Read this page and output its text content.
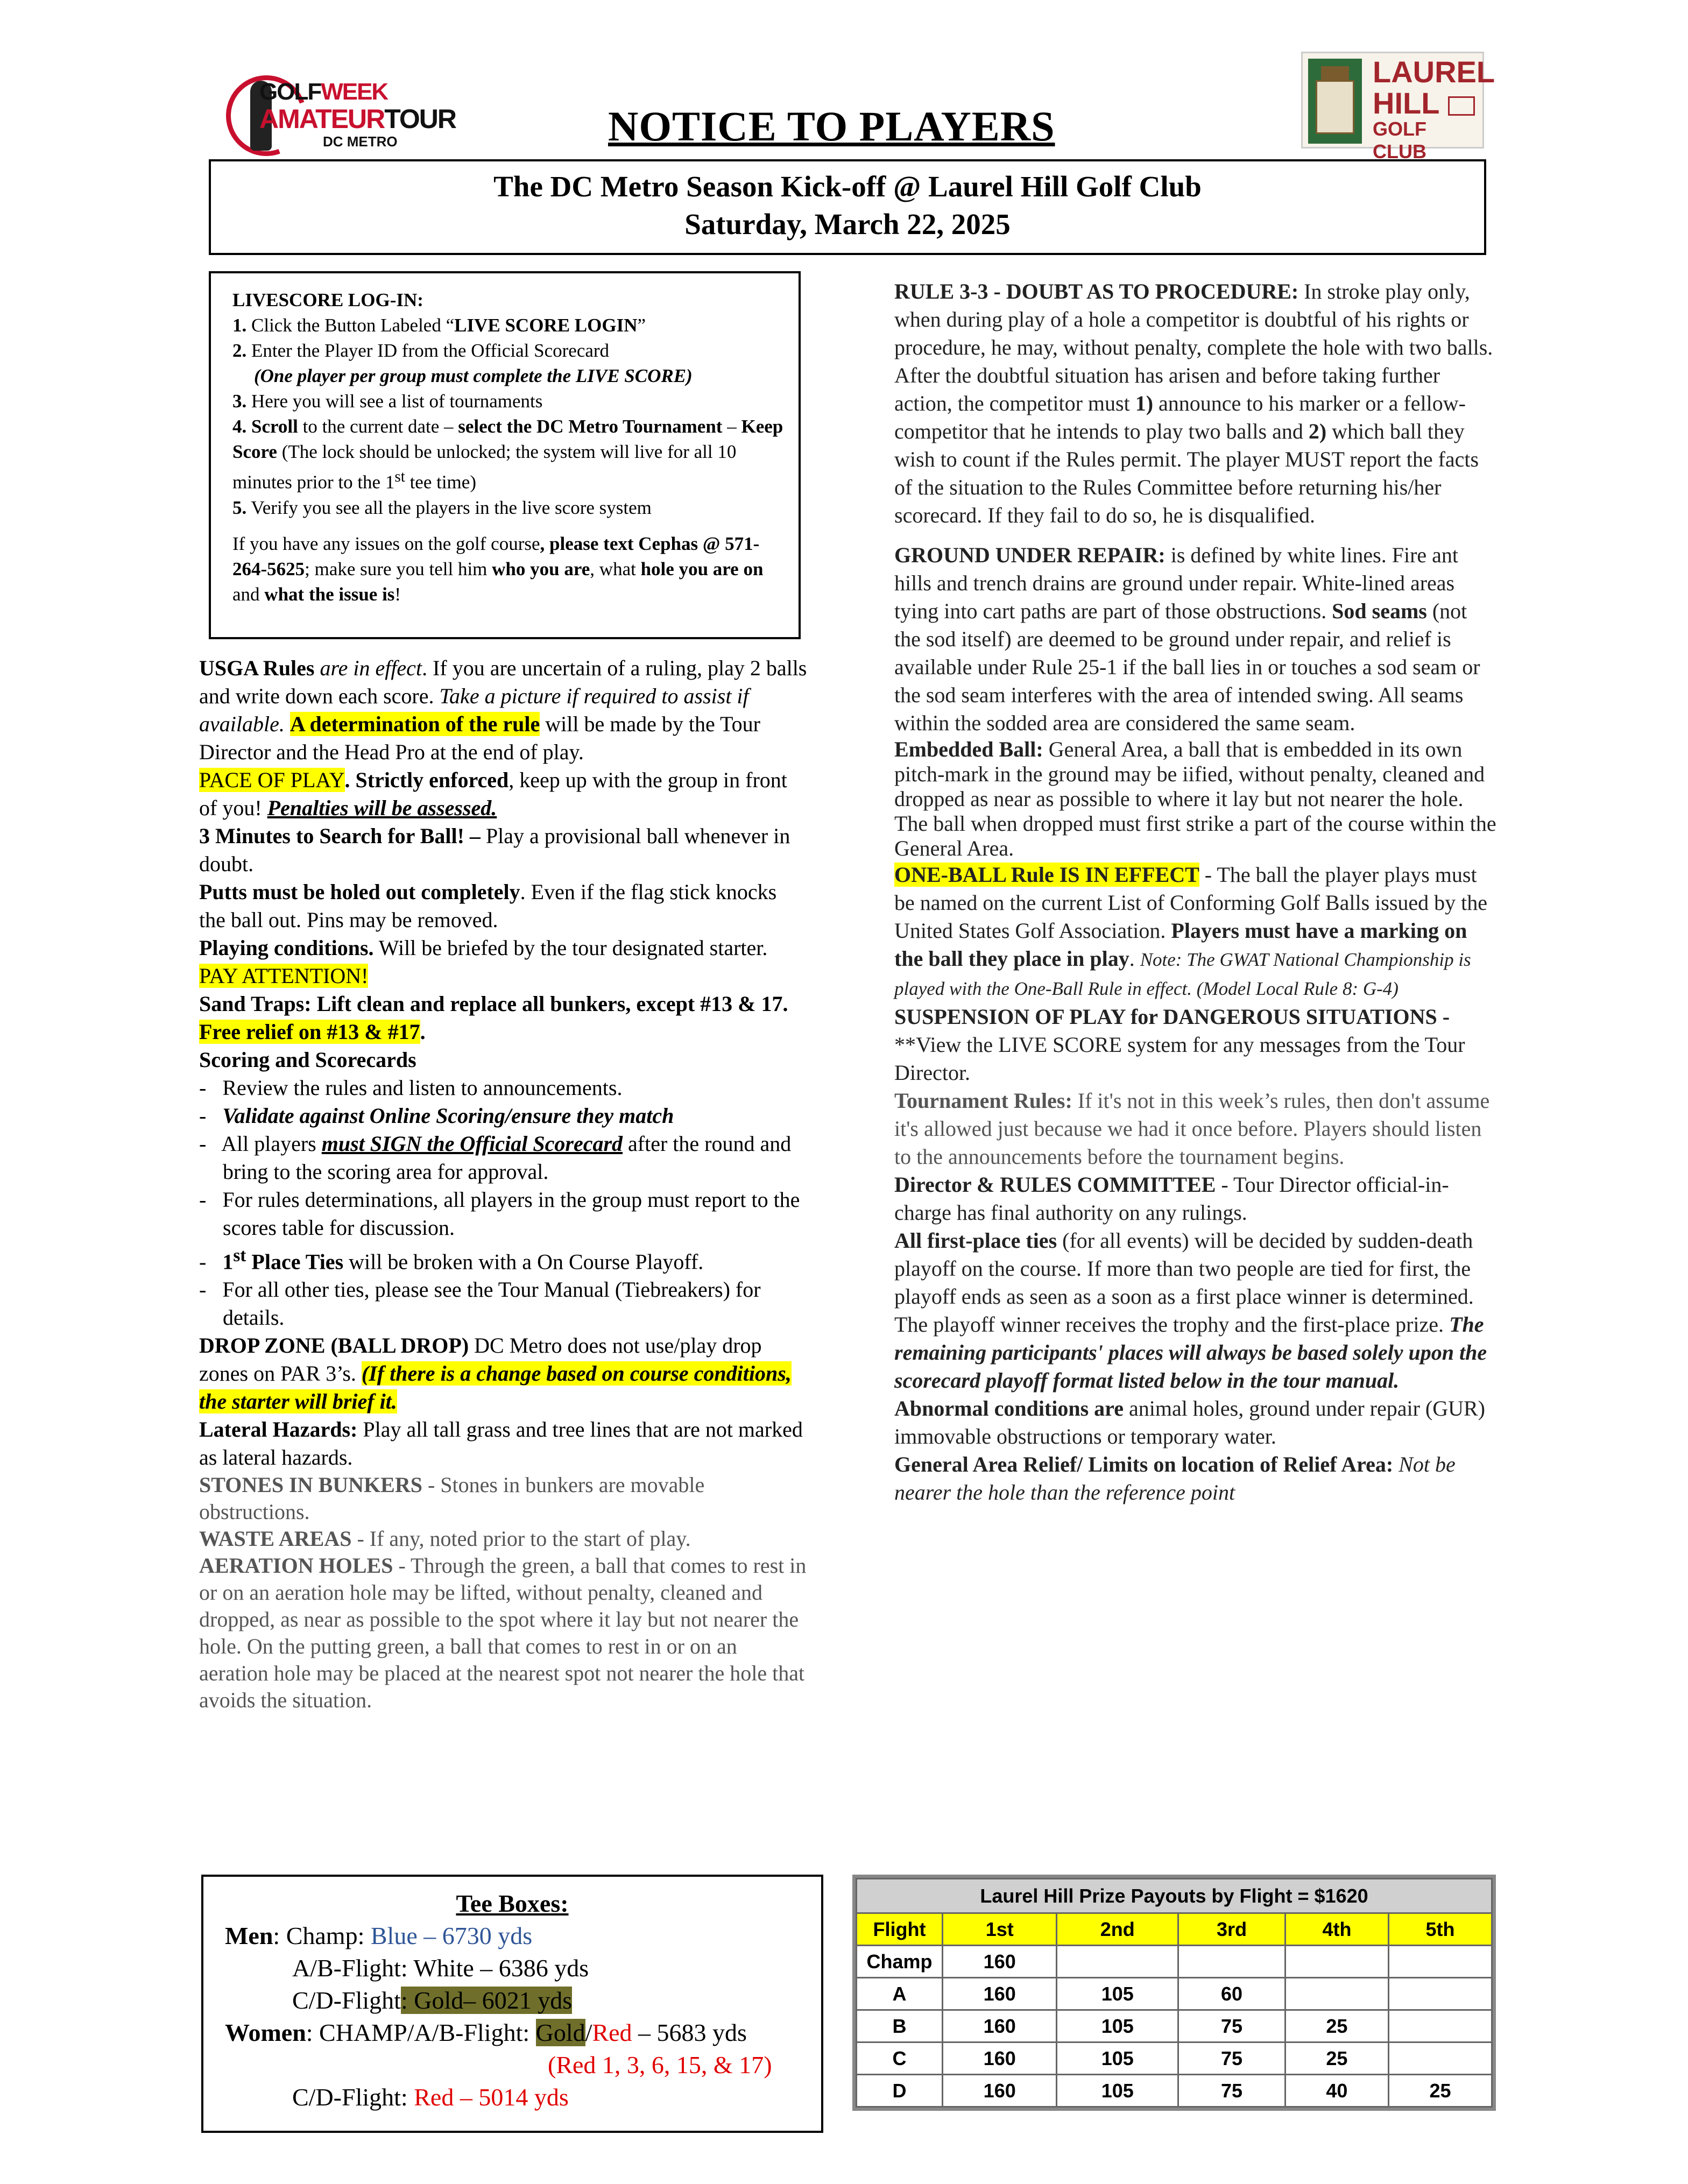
GOLFWEEK
AMATEURTOUR
DC METRO
LAUREL
HILL
GOLF CLUB
NOTICE TO PLAYERS
The DC Metro Season Kick-off @ Laurel Hill Golf Club
Saturday, March 22, 2025
LIVESCORE LOG-IN:
1. Click the Button Labeled “LIVE SCORE LOGIN”
2. Enter the Player ID from the Official Scorecard
(One player per group must complete the LIVE SCORE)
3. Here you will see a list of tournaments
4. Scroll to the current date – select the DC Metro Tournament – Keep Score (The lock should be unlocked; the system will live for all 10 minutes prior to the 1st tee time)
5. Verify you see all the players in the live score system
If you have any issues on the golf course, please text Cephas @ 571-264-5625; make sure you tell him who you are, what hole you are on and what the issue is!
USGA Rules are in effect. If you are uncertain of a ruling, play 2 balls and write down each score. Take a picture if required to assist if available. A determination of the rule will be made by the Tour Director and the Head Pro at the end of play.
PACE OF PLAY. Strictly enforced, keep up with the group in front of you! Penalties will be assessed.
3 Minutes to Search for Ball! – Play a provisional ball whenever in doubt.
Putts must be holed out completely. Even if the flag stick knocks the ball out. Pins may be removed.
Playing conditions. Will be briefed by the tour designated starter. PAY ATTENTION!
Sand Traps: Lift clean and replace all bunkers, except #13 & 17. Free relief on #13 & #17.
Scoring and Scorecards
- Review the rules and listen to announcements.
- Validate against Online Scoring/ensure they match
- All players must SIGN the Official Scorecard after the round and bring to the scoring area for approval.
- For rules determinations, all players in the group must report to the scores table for discussion.
- 1st Place Ties will be broken with a On Course Playoff.
- For all other ties, please see the Tour Manual (Tiebreakers) for details.
DROP ZONE (BALL DROP) DC Metro does not use/play drop zones on PAR 3’s. (If there is a change based on course conditions, the starter will brief it.
Lateral Hazards: Play all tall grass and tree lines that are not marked as lateral hazards.
STONES IN BUNKERS - Stones in bunkers are movable obstructions.
WASTE AREAS - If any, noted prior to the start of play. AERATION HOLES - Through the green, a ball that comes to rest in or on an aeration hole may be lifted, without penalty, cleaned and dropped, as near as possible to the spot where it lay but not nearer the hole. On the putting green, a ball that comes to rest in or on an aeration hole may be placed at the nearest spot not nearer the hole that avoids the situation.
RULE 3-3 - DOUBT AS TO PROCEDURE: In stroke play only, when during play of a hole a competitor is doubtful of his rights or procedure, he may, without penalty, complete the hole with two balls. After the doubtful situation has arisen and before taking further action, the competitor must 1) announce to his marker or a fellow-competitor that he intends to play two balls and 2) which ball they wish to count if the Rules permit. The player MUST report the facts of the situation to the Rules Committee before returning his/her scorecard. If they fail to do so, he is disqualified.
GROUND UNDER REPAIR: is defined by white lines. Fire ant hills and trench drains are ground under repair. White-lined areas tying into cart paths are part of those obstructions. Sod seams (not the sod itself) are deemed to be ground under repair, and relief is available under Rule 25-1 if the ball lies in or touches a sod seam or the sod seam interferes with the area of intended swing. All seams within the sodded area are considered the same seam.
Embedded Ball: General Area, a ball that is embedded in its own pitch-mark in the ground may be iified, without penalty, cleaned and dropped as near as possible to where it lay but not nearer the hole. The ball when dropped must first strike a part of the course within the General Area.
ONE-BALL Rule IS IN EFFECT - The ball the player plays must be named on the current List of Conforming Golf Balls issued by the United States Golf Association. Players must have a marking on the ball they place in play. Note: The GWAT National Championship is played with the One-Ball Rule in effect. (Model Local Rule 8: G-4)
SUSPENSION OF PLAY for DANGEROUS SITUATIONS - **View the LIVE SCORE system for any messages from the Tour Director.
Tournament Rules: If it's not in this week’s rules, then don't assume it's allowed just because we had it once before. Players should listen to the announcements before the tournament begins.
Director & RULES COMMITTEE - Tour Director official-in-charge has final authority on any rulings.
All first-place ties (for all events) will be decided by sudden-death playoff on the course. If more than two people are tied for first, the playoff ends as seen as a soon as a first place winner is determined. The playoff winner receives the trophy and the first-place prize. The remaining participants' places will always be based solely upon the scorecard playoff format listed below in the tour manual. Abnormal conditions are animal holes, ground under repair (GUR) immovable obstructions or temporary water.
General Area Relief/ Limits on location of Relief Area: Not be nearer the hole than the reference point
Tee Boxes:
Men: Champ: Blue – 6730 yds
A/B-Flight: White – 6386 yds
C/D-Flight: Gold– 6021 yds
Women: CHAMP/A/B-Flight: Gold/Red – 5683 yds
(Red 1, 3, 6, 15, & 17)
C/D-Flight: Red – 5014 yds
Laurel Hill Prize Payouts by Flight = $1620					
Flight	1st	2nd	3rd	4th	5th
Champ	160				
A	160	105	60		
B	160	105	75	25	
C	160	105	75	25	
D	160	105	75	40	25
